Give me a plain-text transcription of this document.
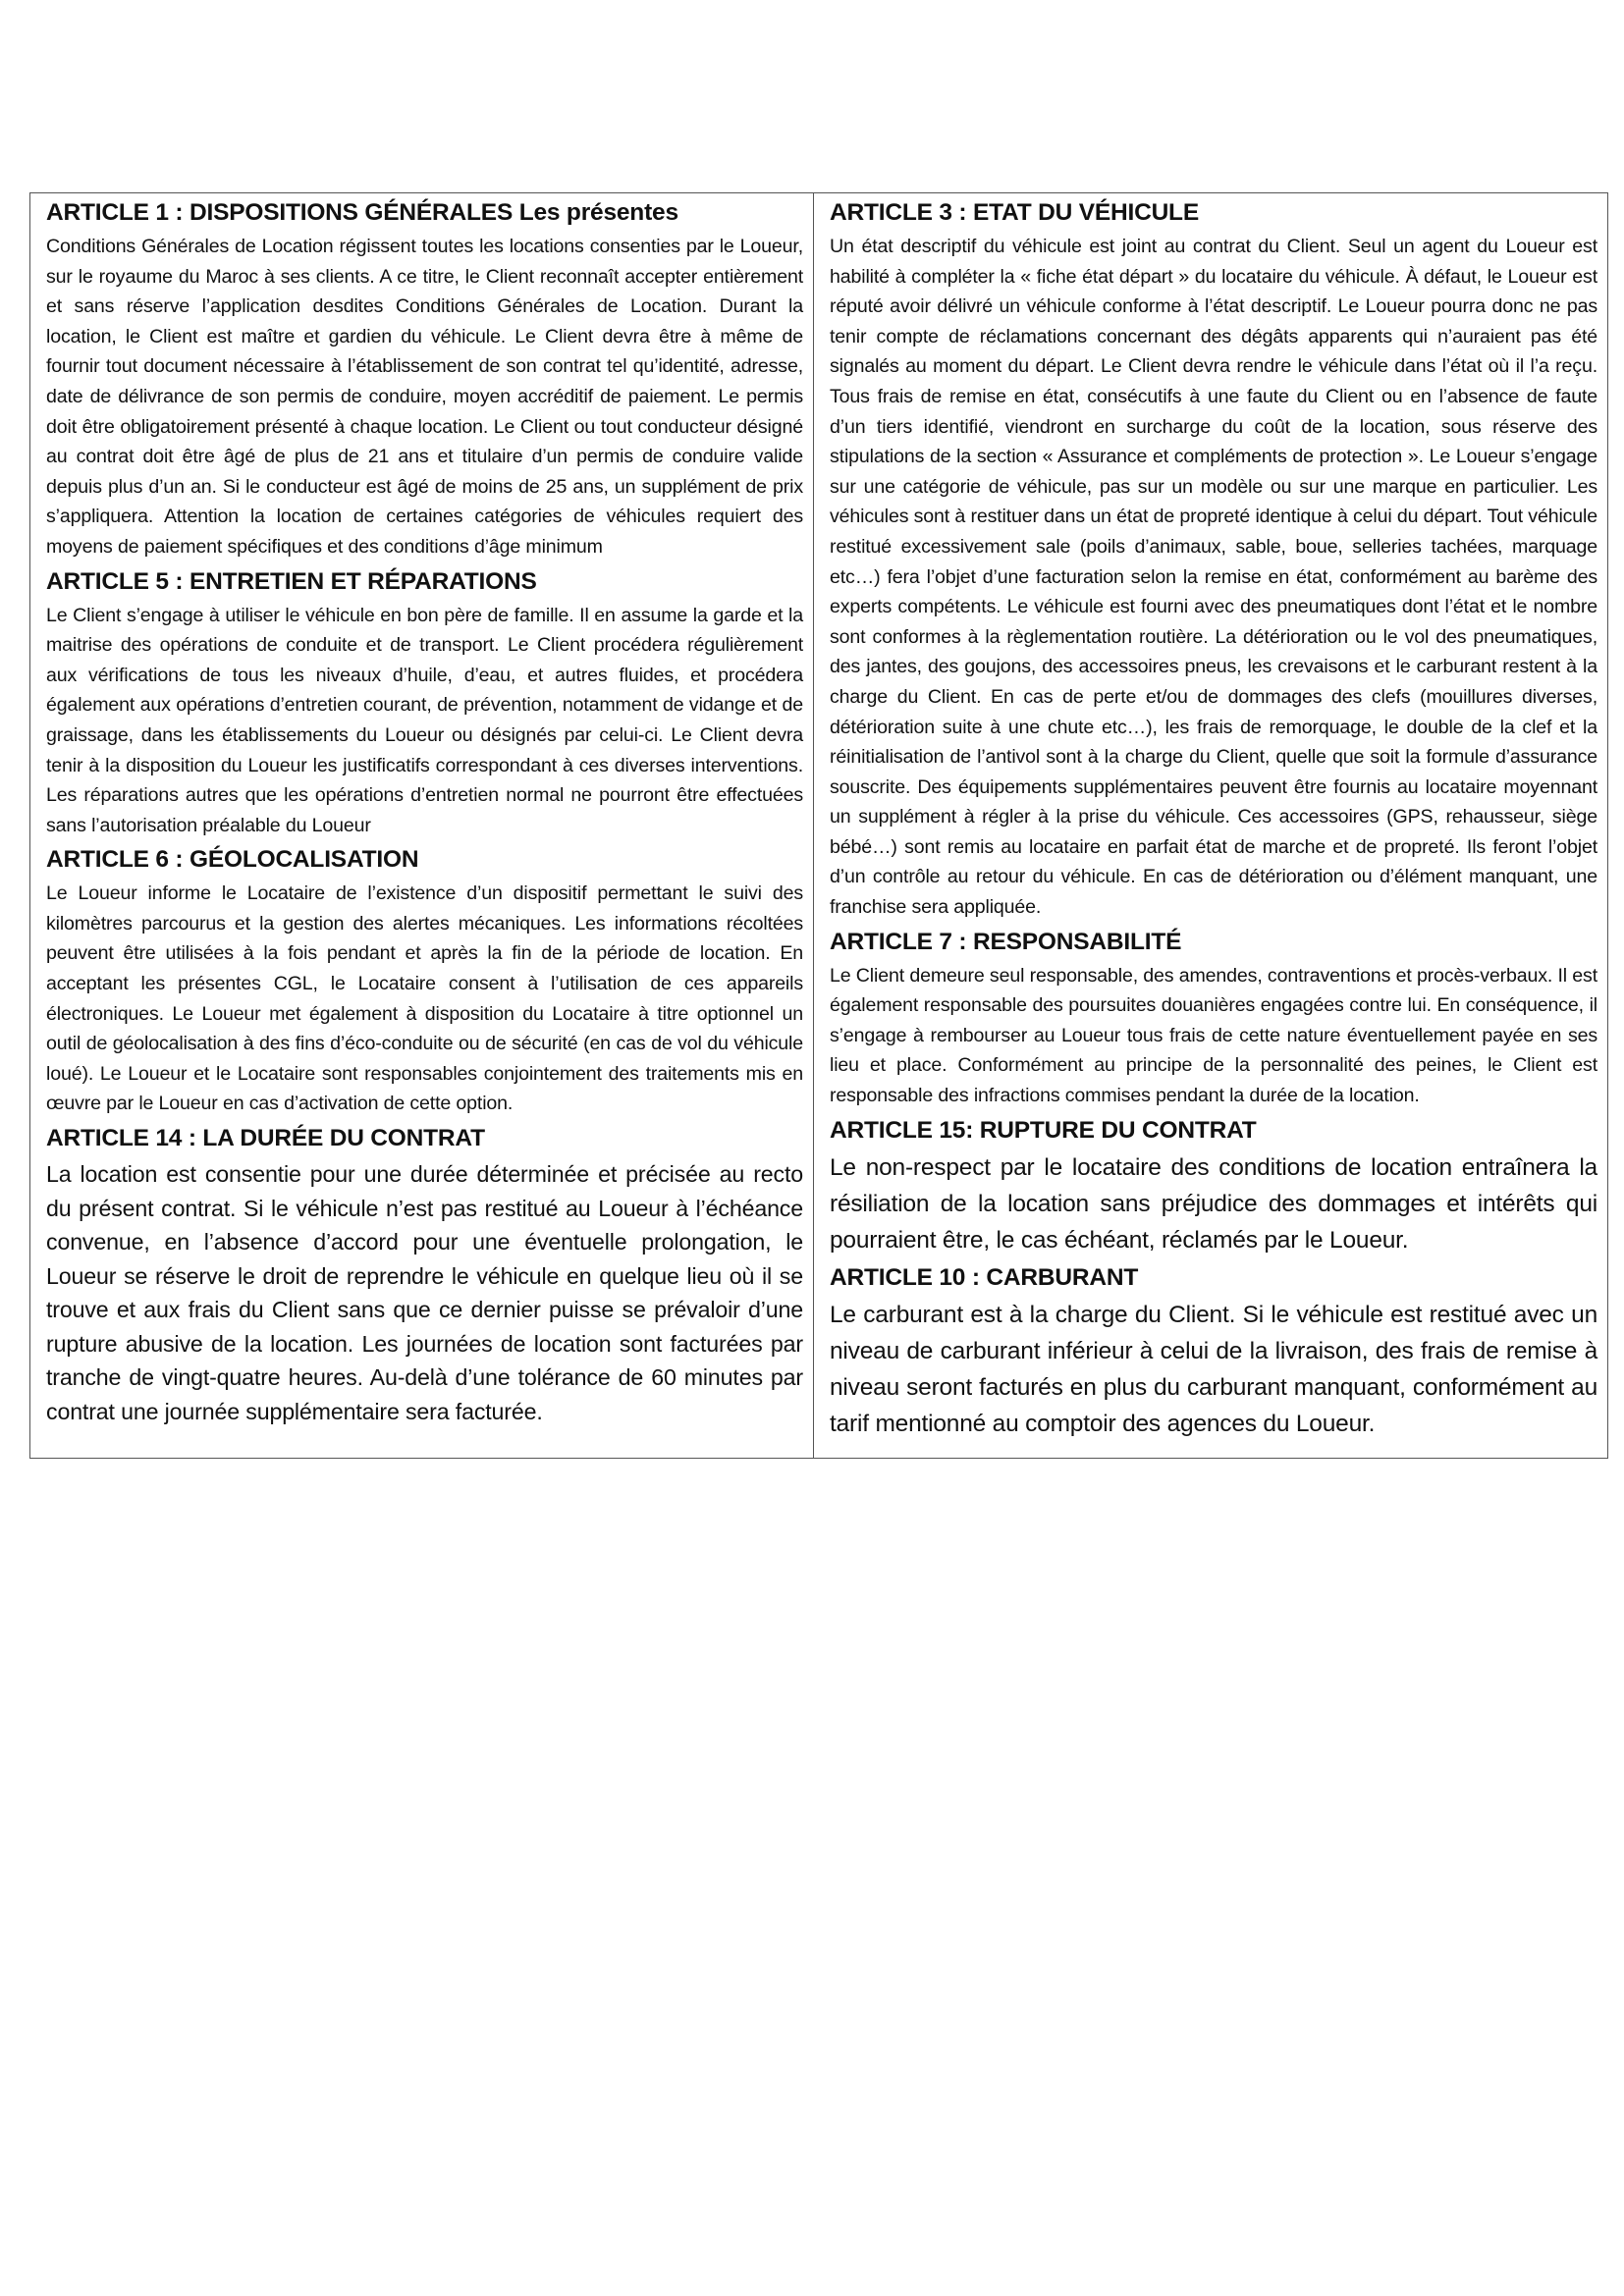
ARTICLE 1 : DISPOSITIONS GÉNÉRALES Les présentes

Conditions Générales de Location régissent toutes les locations consenties par le Loueur, sur le royaume du Maroc à ses clients. A ce titre, le Client reconnaît accepter entièrement et sans réserve l’application desdites Conditions Générales de Location. Durant la location, le Client est maître et gardien du véhicule. Le Client devra être à même de fournir tout document nécessaire à l’établissement de son contrat tel qu’identité, adresse, date de délivrance de son permis de conduire, moyen accréditif de paiement. Le permis doit être obligatoirement présenté à chaque location. Le Client ou tout conducteur désigné au contrat doit être âgé de plus de 21 ans et titulaire d’un permis de conduire valide depuis plus d’un an. Si le conducteur est âgé de moins de 25 ans, un supplément de prix s’appliquera. Attention la location de certaines catégories de véhicules requiert des moyens de paiement spécifiques et des conditions d’âge minimum

ARTICLE 5 : ENTRETIEN ET RÉPARATIONS

Le Client s’engage à utiliser le véhicule en bon père de famille. Il en assume la garde et la maitrise des opérations de conduite et de transport. Le Client procédera régulièrement aux vérifications de tous les niveaux d’huile, d’eau, et autres fluides, et procédera également aux opérations d’entretien courant, de prévention, notamment de vidange et de graissage, dans les établissements du Loueur ou désignés par celui-ci. Le Client devra tenir à la disposition du Loueur les justificatifs correspondant à ces diverses interventions. Les réparations autres que les opérations d’entretien normal ne pourront être effectuées sans l’autorisation préalable du Loueur

ARTICLE 6 : GÉOLOCALISATION

Le Loueur informe le Locataire de l’existence d’un dispositif permettant le suivi des kilomètres parcourus et la gestion des alertes mécaniques. Les informations récoltées peuvent être utilisées à la fois pendant et après la fin de la période de location. En acceptant les présentes CGL, le Locataire consent à l’utilisation de ces appareils électroniques. Le Loueur met également à disposition du Locataire à titre optionnel un outil de géolocalisation à des fins d’éco-conduite ou de sécurité (en cas de vol du véhicule loué). Le Loueur et le Locataire sont responsables conjointement des traitements mis en œuvre par le Loueur en cas d’activation de cette option.

ARTICLE 14 : LA DURÉE DU CONTRAT

La location est consentie pour une durée déterminée et précisée au recto du présent contrat. Si le véhicule n’est pas restitué au Loueur à l’échéance convenue, en l’absence d’accord pour une éventuelle prolongation, le Loueur se réserve le droit de reprendre le véhicule en quelque lieu où il se trouve et aux frais du Client sans que ce dernier puisse se prévaloir d’une rupture abusive de la location. Les journées de location sont facturées par tranche de vingt-quatre heures. Au-delà d’une tolérance de 60 minutes par contrat une journée supplémentaire sera facturée.

ARTICLE 3 : ETAT DU VÉHICULE

Un état descriptif du véhicule est joint au contrat du Client. Seul un agent du Loueur est habilité à compléter la « fiche état départ » du locataire du véhicule. À défaut, le Loueur est réputé avoir délivré un véhicule conforme à l’état descriptif. Le Loueur pourra donc ne pas tenir compte de réclamations concernant des dégâts apparents qui n’auraient pas été signalés au moment du départ. Le Client devra rendre le véhicule dans l’état où il l’a reçu. Tous frais de remise en état, consécutifs à une faute du Client ou en l’absence de faute d’un tiers identifié, viendront en surcharge du coût de la location, sous réserve des stipulations de la section « Assurance et compléments de protection ». Le Loueur s’engage sur une catégorie de véhicule, pas sur un modèle ou sur une marque en particulier. Les véhicules sont à restituer dans un état de propreté identique à celui du départ. Tout véhicule restitué excessivement sale (poils d’animaux, sable, boue, selleries tachées, marquage etc…) fera l’objet d’une facturation selon la remise en état, conformément au barème des experts compétents. Le véhicule est fourni avec des pneumatiques dont l’état et le nombre sont conformes à la règlementation routière. La détérioration ou le vol des pneumatiques, des jantes, des goujons, des accessoires pneus, les crevaisons et le carburant restent à la charge du Client. En cas de perte et/ou de dommages des clefs (mouillures diverses, détérioration suite à une chute etc…), les frais de remorquage, le double de la clef et la réinitialisation de l’antivol sont à la charge du Client, quelle que soit la formule d’assurance souscrite. Des équipements supplémentaires peuvent être fournis au locataire moyennant un supplément à régler à la prise du véhicule. Ces accessoires (GPS, rehausseur, siège bébé…) sont remis au locataire en parfait état de marche et de propreté. Ils feront l’objet d’un contrôle au retour du véhicule. En cas de détérioration ou d’élément manquant, une franchise sera appliquée.

ARTICLE 7 : RESPONSABILITÉ

Le Client demeure seul responsable, des amendes, contraventions et procès-verbaux. Il est également responsable des poursuites douanières engagées contre lui. En conséquence, il s’engage à rembourser au Loueur tous frais de cette nature éventuellement payée en ses lieu et place. Conformément au principe de la personnalité des peines, le Client est responsable des infractions commises pendant la durée de la location.

ARTICLE 15: RUPTURE DU CONTRAT

Le non-respect par le locataire des conditions de location entraînera la résiliation de la location sans préjudice des dommages et intérêts qui pourraient être, le cas échéant, réclamés par le Loueur.

ARTICLE 10 : CARBURANT

Le carburant est à la charge du Client. Si le véhicule est restitué avec un niveau de carburant inférieur à celui de la livraison, des frais de remise à niveau seront facturés en plus du carburant manquant, conformément au tarif mentionné au comptoir des agences du Loueur.
